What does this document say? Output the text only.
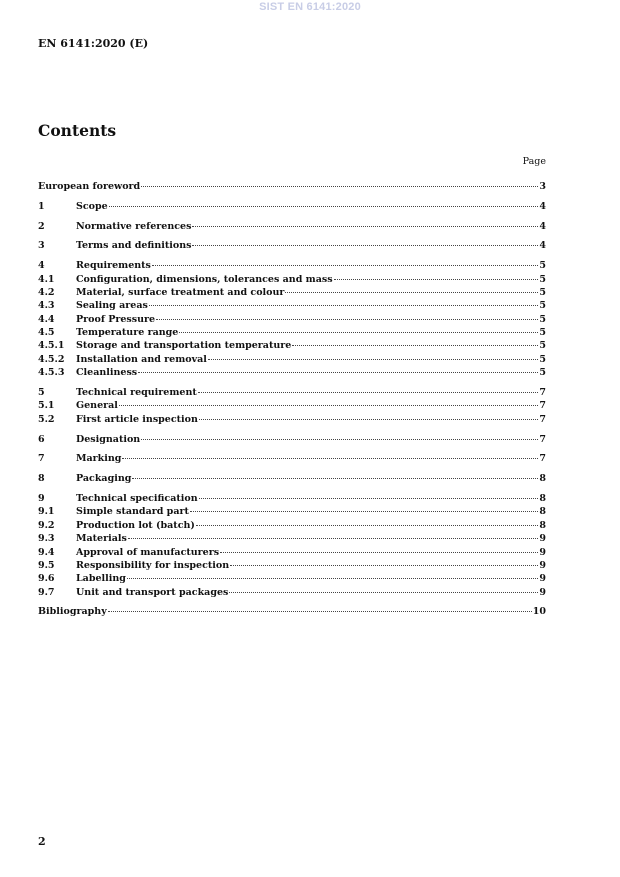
SIST EN 6141:2020
EN 6141:2020 (E)
Contents
Page
European foreword	3
1	Scope	4
2	Normative references	4
3	Terms and definitions	4
4	Requirements	5
4.1	Configuration, dimensions, tolerances and mass	5
4.2	Material, surface treatment and colour	5
4.3	Sealing areas	5
4.4	Proof Pressure	5
4.5	Temperature range	5
4.5.1	Storage and transportation temperature	5
4.5.2	Installation and removal	5
4.5.3	Cleanliness	5
5	Technical requirement	7
5.1	General	7
5.2	First article inspection	7
6	Designation	7
7	Marking	7
8	Packaging	8
9	Technical specification	8
9.1	Simple standard part	8
9.2	Production lot (batch)	8
9.3	Materials	9
9.4	Approval of manufacturers	9
9.5	Responsibility for inspection	9
9.6	Labelling	9
9.7	Unit and transport packages	9
Bibliography	10
2
